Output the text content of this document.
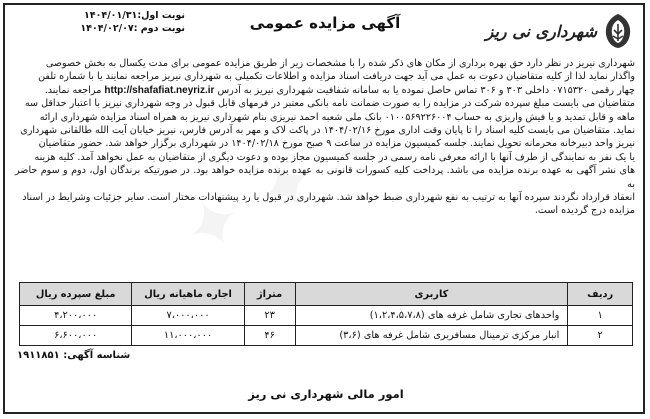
شهرداری نی ریز
آگهی مزایده عمومی
نوبت اول:۱۴۰۴/۰۱/۳۱
نوبت دوم :۱۴۰۴/۰۲/۰۷
شهرداری نیریز در نظر دارد حق بهره برداری از مکان های ذکر شده را با مشخصات زیر از طریق مزایده عمومی برای مدت یکسال به بخش خصوصی
واگذار نماید لذا از کلیه متقاضیان دعوت به عمل می آید جهت دریافت اسناد مزایده و اطلاعات تکمیلی به شهرداری نیریز مراجعه نمایند یا با شماره تلفن
چهار رقمی ۰۷۱۵۳۲۰ داخلی ۳۰۳ و ۳۰۶ تماس حاصل نموده یا به سامانه شفافیت شهرداری نیریز به آدرس http://shafafiat.neyriz.ir مراجعه نمایند.
متقاضیان می بایست مبلغ سپرده شرکت در مزایده را به صورت ضمانت نامه بانکی معتبر در فرمهای قابل قبول در وجه شهرداری نیریز با اعتبار حداقل سه
ماهه و قابل تمدید و یا فیش واریزی به حساب ۰۱۰۰۵۶۹۲۲۶۰۰۴ بانک ملی شعبه احمد نیریزی بنام شهرداری نیریز به همراه اسناد مزایده شهرداری ارائه
نماید. متقاضیان می بایست کلیه اسناد را تا پایان وقت اداری مورخ ۱۴۰۴/۰۲/۱۶ در پاکت لاک و مهر به آدرس فارس، نیریز خیابان آیت الله طالقانی شهرداری
نیریز واحد دبیرخانه محرمانه تحویل نمایند. جلسه کمیسیون مزایده در ساعت ۹ صبح مورخ ۱۴۰۴/۰۲/۱۸ در شهرداری برگزار خواهد شد. حضور متقاضیان
یا یک نفر به نمایندگی از طرف آنها با ارائه معرفی نامه رسمی در جلسه کمیسیون مجاز بوده و دعوت دیگری از متقاضیان به عمل نخواهد آمد. کلیه هزینه
های نشر آگهی به عهده برنده مزایده می باشد. پرداخت کلیه کسورات قانونی به عهده برنده مزایده خواهد بود. در صورتیکه برندگان اول، دوم و سوم حاضر به
انعقاد قرارداد نگردند سپرده آنها به ترتیب به نفع شهرداری ضبط خواهد شد. شهرداری در قبول یا رد پیشنهادات مختار است. سایر جزئیات وشرایط در اسناد
مزایده درج گردیده است.
ردیف	کاربری	متراژ	اجاره ماهیانه ریال	مبلغ سپرده ریال
۱	واحدهای تجاری شامل غرفه های (۱،۲،۴،۵،۷،۸)	۲۳	۷،۰۰۰،۰۰۰	۴،۲۰۰،۰۰۰
۲	انبار مرکزی ترمینال مسافربری شامل غرفه های (۳،۶)	۴۶	۱۱،۰۰۰،۰۰۰	۶،۶۰۰،۰۰۰
شناسه آگهی: ۱۹۱۱۸۵۱
امور مالی شهرداری نی ریز
